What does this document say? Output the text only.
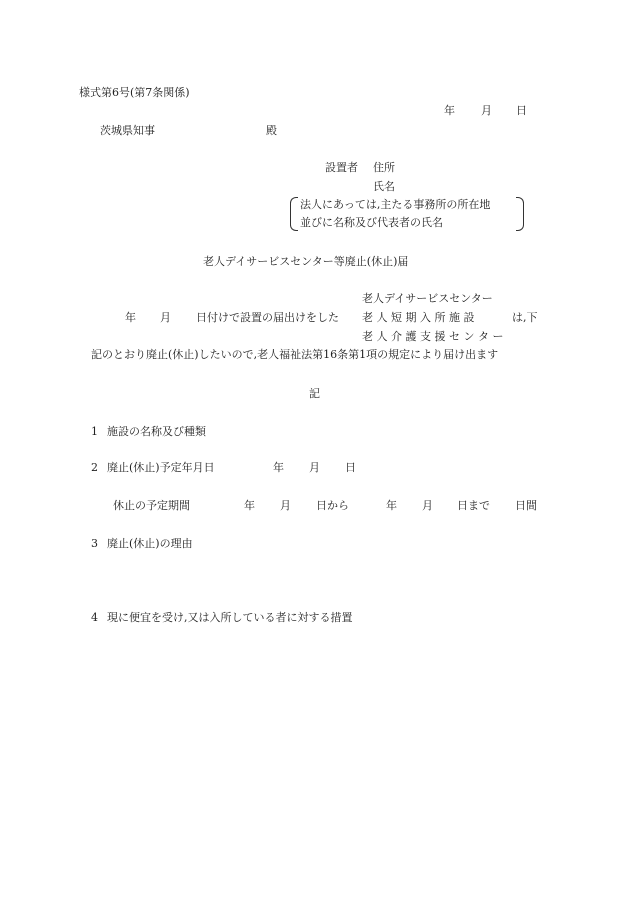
様式第6号(第7条関係)
年 月 日
茨城県知事	殿
設置者 住所
氏名
法人にあっては,主たる事務所の所在地
並びに名称及び代表者の氏名
老人デイサービスセンター等廃止(休止)届
老人デイサービスセンター
年 月 日付けで設置の届出けをした 老 人 短 期 入 所 施 設	は,下
老 人 介 護 支 援 セ ン タ ー
記のとおり廃止(休止)したいので,老人福祉法第16条第1項の規定により届け出ます
記
1 施設の名称及び種類
2 廃止(休止)予定年月日	年 月 日
休止の予定期間	年 月 日から	年 月 日まで 日間
3 廃止(休止)の理由
4 現に便宜を受け,又は入所している者に対する措置
